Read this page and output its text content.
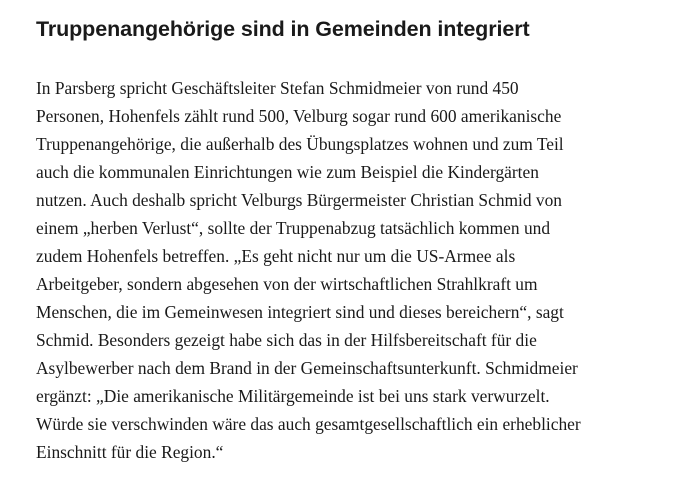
Truppenangehörige sind in Gemeinden integriert

In Parsberg spricht Geschäftsleiter Stefan Schmidmeier von rund 450
Personen, Hohenfels zählt rund 500, Velburg sogar rund 600 amerikanische
Truppenangehörige, die außerhalb des Übungsplatzes wohnen und zum Teil
auch die kommunalen Einrichtungen wie zum Beispiel die Kindergärten
nutzen. Auch deshalb spricht Velburgs Bürgermeister Christian Schmid von
einem „herben Verlust“, sollte der Truppenabzug tatsächlich kommen und
zudem Hohenfels betreffen. „Es geht nicht nur um die US-Armee als
Arbeitgeber, sondern abgesehen von der wirtschaftlichen Strahlkraft um
Menschen, die im Gemeinwesen integriert sind und dieses bereichern“, sagt
Schmid. Besonders gezeigt habe sich das in der Hilfsbereitschaft für die
Asylbewerber nach dem Brand in der Gemeinschaftsunterkunft. Schmidmeier
ergänzt: „Die amerikanische Militärgemeinde ist bei uns stark verwurzelt.
Würde sie verschwinden wäre das auch gesamtgesellschaftlich ein erheblicher
Einschnitt für die Region.“
